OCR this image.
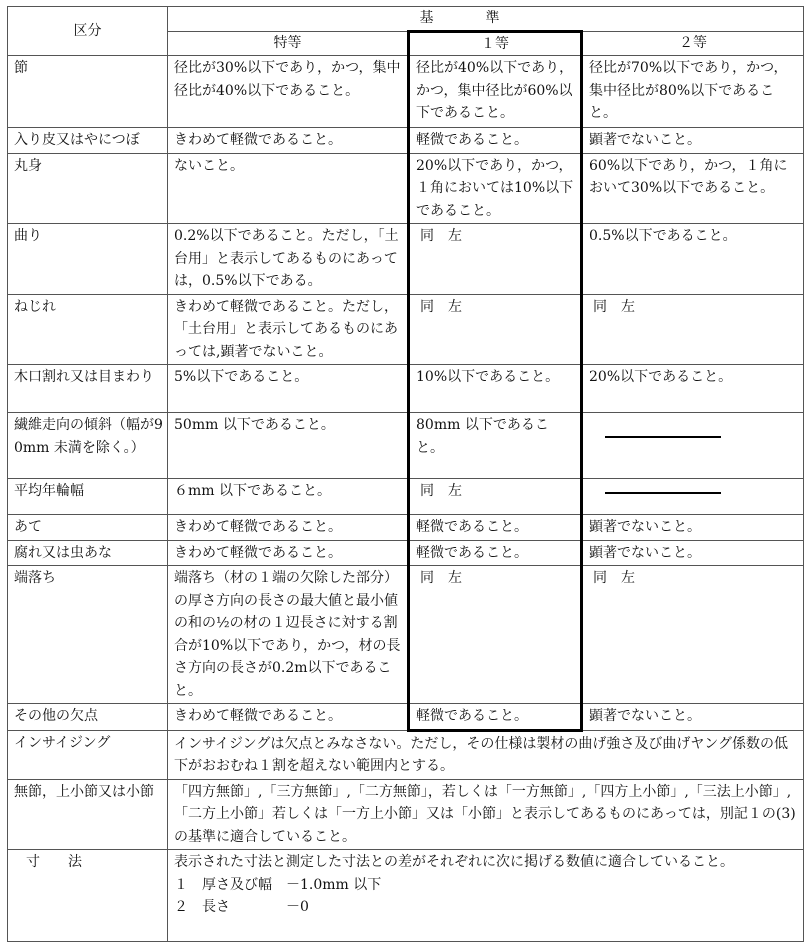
区分	基準		
	特等	１等	２等
節	径比が30%以下であり，かつ，集中径比が40%以下であること。	径比が40%以下であり，かつ，集中径比が60%以下であること。	径比が70%以下であり，かつ，集中径比が80%以下であること。
入り皮又はやにつぼ	きわめて軽微であること。	軽微であること。	顕著でないこと。
丸身	ないこと。	20%以下であり，かつ，１角においては10%以下であること。	60%以下であり，かつ，１角において30%以下であること。
曲り	0.2%以下であること。ただし，「土台用」と表示してあるものにあっては，0.5%以下である。	同　左	0.5%以下であること。
ねじれ	きわめて軽微であること。ただし，「土台用」と表示してあるものにあっては,顕著でないこと。	同　左	同　左
木口割れ又は目まわり	5%以下であること。	10%以下であること。	20%以下であること。
繊維走向の傾斜（幅が90mm 未満を除く。）	50mm 以下であること。	80mm 以下であること。	

平均年輪幅	６mm 以下であること。	同　左	

あて	きわめて軽微であること。	軽微であること。	顕著でないこと。
腐れ又は虫あな	きわめて軽微であること。	軽微であること。	顕著でないこと。
端落ち	端落ち（材の１端の欠除した部分）の厚さ方向の長さの最大値と最小値の和の½の材の１辺長さに対する割合が10%以下であり，かつ，材の長さ方向の長さが0.2m以下であること。	同　左	同　左
その他の欠点	きわめて軽微であること。	軽微であること。	顕著でないこと。
インサイジング	インサイジングは欠点とみなさない。ただし，その仕様は製材の曲げ強さ及び曲げヤング係数の低下がおおむね１割を超えない範囲内とする。		
無節，上小節又は小節	「四方無節」,「三方無節」,「二方無節」，若しくは「一方無節」,「四方上小節」,「三法上小節」,「二方上小節」若しくは「一方上小節」又は「小節」と表示してあるものにあっては，別記１の(3)の基準に適合していること。		
寸　　法	表示された寸法と測定した寸法との差がそれぞれに次に掲げる数値に適合していること。
１　厚さ及び幅　－1.0mm 以下
２　長さ　　　　－0		
